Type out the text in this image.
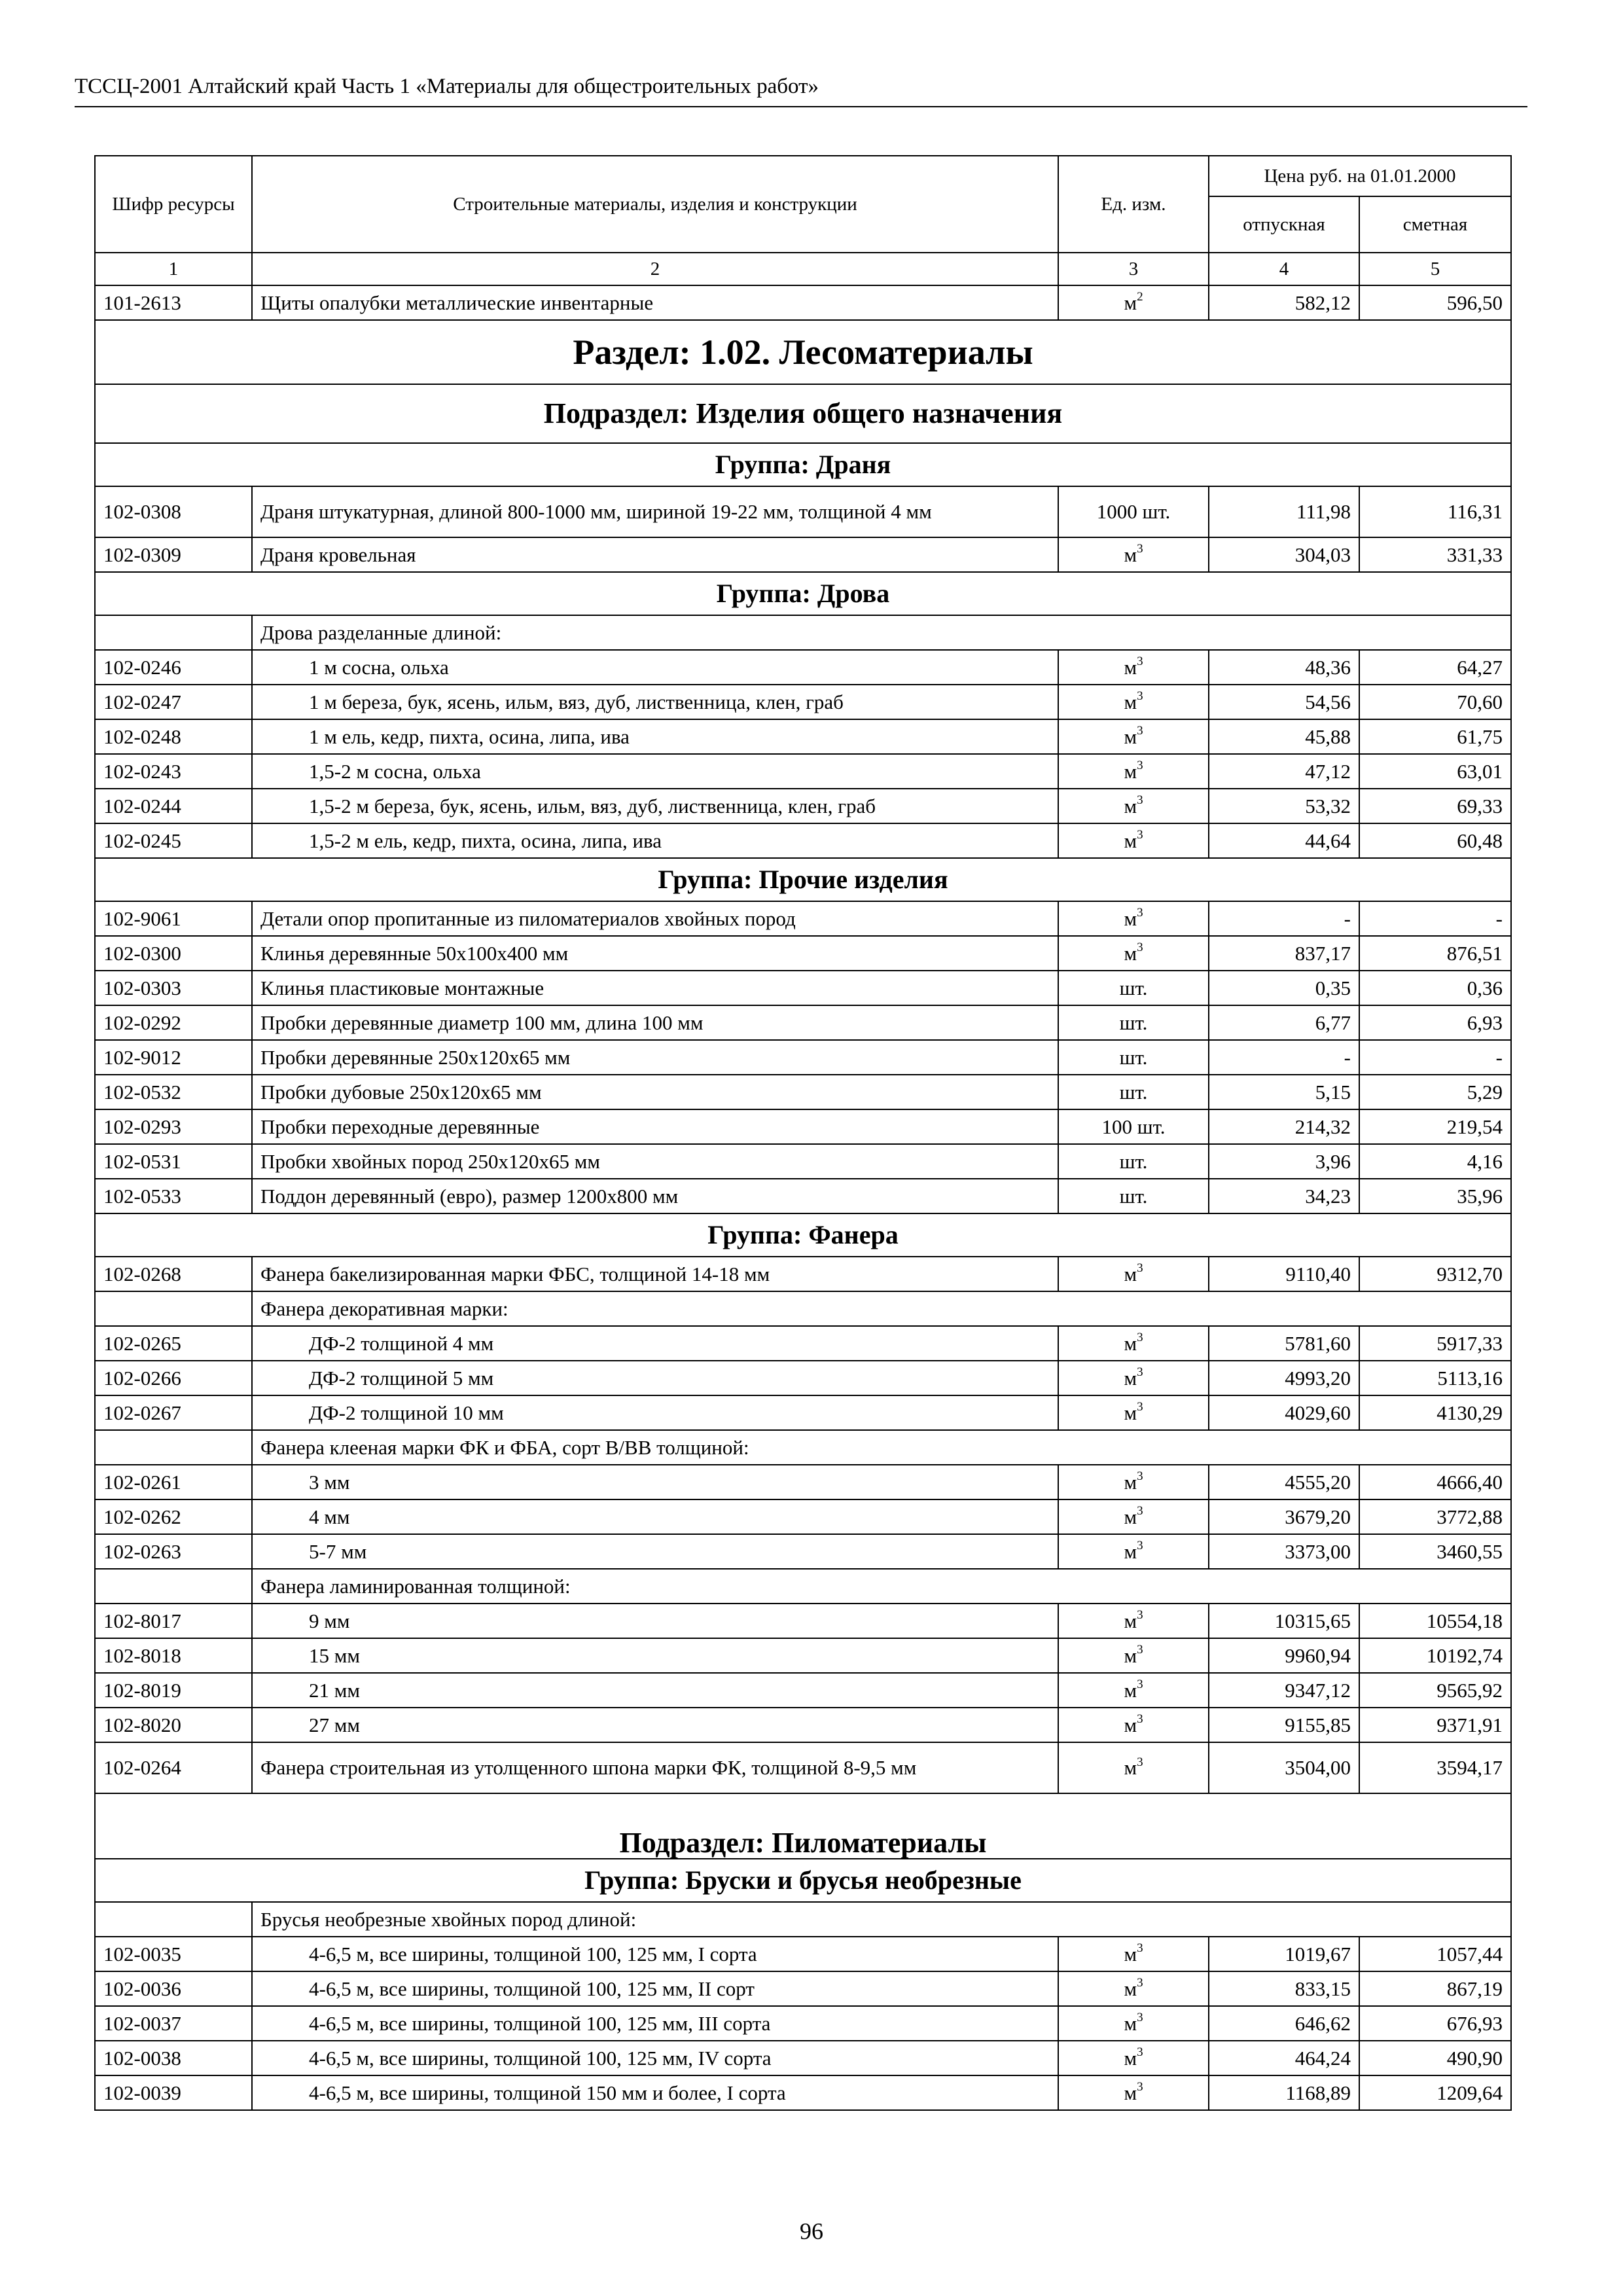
ТССЦ-2001 Алтайский край Часть 1 «Материалы для общестроительных работ»
Шифр ресурсы	Строительные материалы, изделия и конструкции	Ед. изм.	Цена руб. на 01.01.2000	
			отпускная	сметная
1	2	3	4	5
101-2613	Щиты опалубки металлические инвентарные	$м^2$	582,12	596,50
Раздел: 1.02. Лесоматериалы				
Подраздел: Изделия общего назначения				
Группа: Драня				
102-0308	Драня штукатурная, длиной 800-1000 мм, шириной 19-22 мм, толщиной 4 мм	1000 шт.	111,98	116,31
102-0309	Драня кровельная	$м^3$	304,03	331,33
Группа: Дрова				
	Дрова разделанные длиной:			
102-0246	1 м сосна, ольха	$м^3$	48,36	64,27
102-0247	1 м береза, бук, ясень, ильм, вяз, дуб, лиственница, клен, граб	$м^3$	54,56	70,60
102-0248	1 м ель, кедр, пихта, осина, липа, ива	$м^3$	45,88	61,75
102-0243	1,5-2 м сосна, ольха	$м^3$	47,12	63,01
102-0244	1,5-2 м береза, бук, ясень, ильм, вяз, дуб, лиственница, клен, граб	$м^3$	53,32	69,33
102-0245	1,5-2 м ель, кедр, пихта, осина, липа, ива	$м^3$	44,64	60,48
Группа: Прочие изделия				
102-9061	Детали опор пропитанные из пиломатериалов хвойных пород	$м^3$	-	-
102-0300	Клинья деревянные 50х100х400 мм	$м^3$	837,17	876,51
102-0303	Клинья пластиковые монтажные	шт.	0,35	0,36
102-0292	Пробки деревянные диаметр 100 мм, длина 100 мм	шт.	6,77	6,93
102-9012	Пробки деревянные 250х120х65 мм	шт.	-	-
102-0532	Пробки дубовые 250х120х65 мм	шт.	5,15	5,29
102-0293	Пробки переходные деревянные	100 шт.	214,32	219,54
102-0531	Пробки хвойных пород 250х120х65 мм	шт.	3,96	4,16
102-0533	Поддон деревянный (евро), размер 1200х800 мм	шт.	34,23	35,96
Группа: Фанера				
102-0268	Фанера бакелизированная марки ФБС, толщиной 14-18 мм	$м^3$	9110,40	9312,70
	Фанера декоративная марки:			
102-0265	ДФ-2 толщиной 4 мм	$м^3$	5781,60	5917,33
102-0266	ДФ-2 толщиной 5 мм	$м^3$	4993,20	5113,16
102-0267	ДФ-2 толщиной 10 мм	$м^3$	4029,60	4130,29
	Фанера клееная марки ФК и ФБА, сорт В/ВВ толщиной:			
102-0261	3 мм	$м^3$	4555,20	4666,40
102-0262	4 мм	$м^3$	3679,20	3772,88
102-0263	5-7 мм	$м^3$	3373,00	3460,55
	Фанера ламинированная толщиной:			
102-8017	9 мм	$м^3$	10315,65	10554,18
102-8018	15 мм	$м^3$	9960,94	10192,74
102-8019	21 мм	$м^3$	9347,12	9565,92
102-8020	27 мм	$м^3$	9155,85	9371,91
102-0264	Фанера строительная из утолщенного шпона марки ФК, толщиной 8-9,5 мм	$м^3$	3504,00	3594,17
Подраздел: Пиломатериалы				
Группа: Бруски и брусья необрезные				
	Брусья необрезные хвойных пород длиной:			
102-0035	4-6,5 м, все ширины, толщиной 100, 125 мм, I сорта	$м^3$	1019,67	1057,44
102-0036	4-6,5 м, все ширины, толщиной 100, 125 мм, II сорт	$м^3$	833,15	867,19
102-0037	4-6,5 м, все ширины, толщиной 100, 125 мм, III сорта	$м^3$	646,62	676,93
102-0038	4-6,5 м, все ширины, толщиной 100, 125 мм, IV сорта	$м^3$	464,24	490,90
102-0039	4-6,5 м, все ширины, толщиной 150 мм и более, I сорта	$м^3$	1168,89	1209,64
96
